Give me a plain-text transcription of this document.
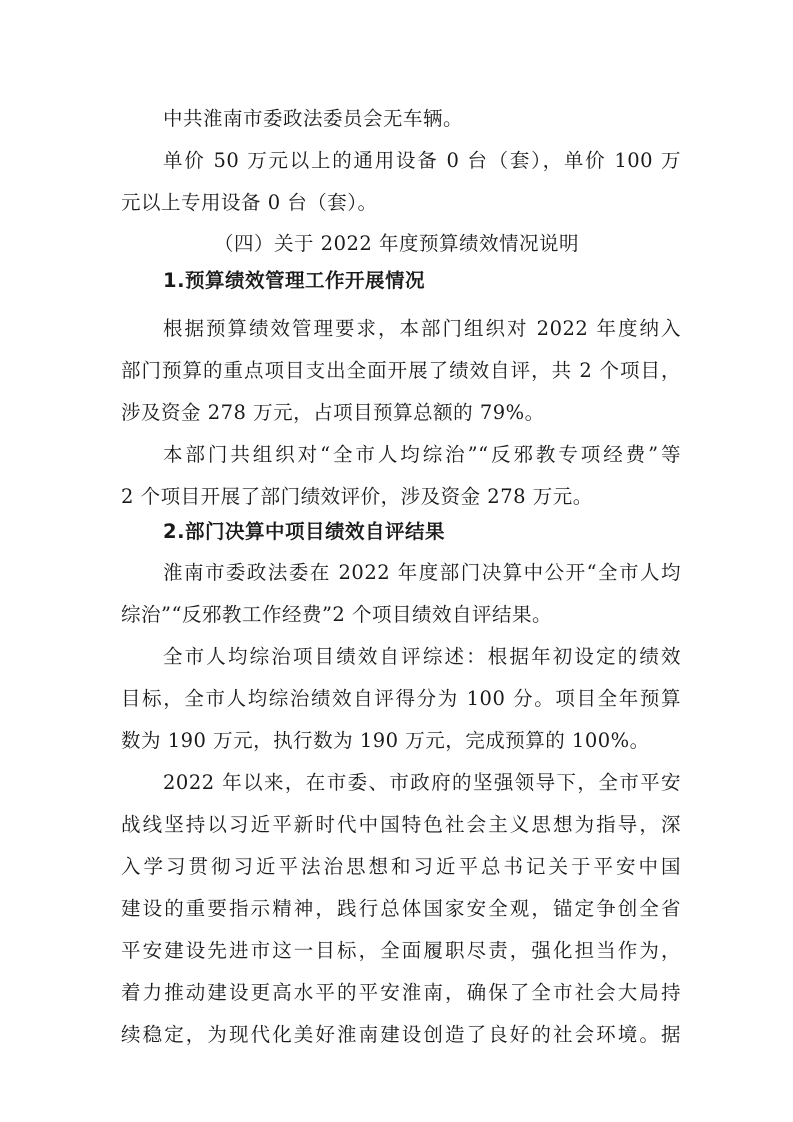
中共淮南市委政法委员会无车辆。
单价 50 万元以上的通用设备 0 台（套），单价 100 万
元以上专用设备 0 台（套）。
（四）关于 2022 年度预算绩效情况说明
1.预算绩效管理工作开展情况
根据预算绩效管理要求，本部门组织对 2022 年度纳入
部门预算的重点项目支出全面开展了绩效自评，共 2 个项目，
涉及资金 278 万元，占项目预算总额的 79%。
本部门共组织对“全市人均综治”“反邪教专项经费”等
2 个项目开展了部门绩效评价，涉及资金 278 万元。
2.部门决算中项目绩效自评结果
淮南市委政法委在 2022 年度部门决算中公开“全市人均
综治”“反邪教工作经费”2 个项目绩效自评结果。
全市人均综治项目绩效自评综述：根据年初设定的绩效
目标，全市人均综治绩效自评得分为 100 分。项目全年预算
数为 190 万元，执行数为 190 万元，完成预算的 100%。
2022 年以来，在市委、市政府的坚强领导下，全市平安
战线坚持以习近平新时代中国特色社会主义思想为指导，深
入学习贯彻习近平法治思想和习近平总书记关于平安中国
建设的重要指示精神，践行总体国家安全观，锚定争创全省
平安建设先进市这一目标，全面履职尽责，强化担当作为，
着力推动建设更高水平的平安淮南，确保了全市社会大局持
续稳定，为现代化美好淮南建设创造了良好的社会环境。据
